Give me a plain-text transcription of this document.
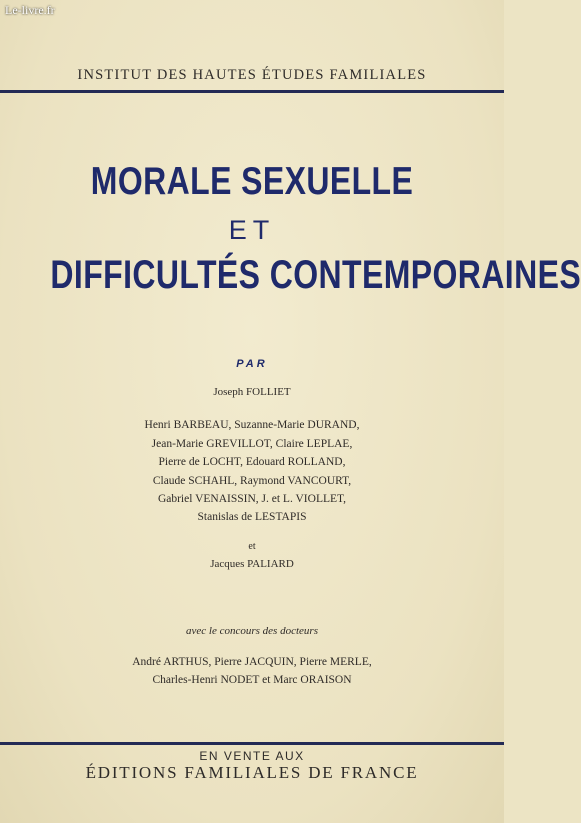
Le-livre.fr
INSTITUT DES HAUTES ÉTUDES FAMILIALES
MORALE SEXUELLE
ET
DIFFICULTÉS CONTEMPORAINES
PAR
Joseph FOLLIET
Henri BARBEAU, Suzanne-Marie DURAND,
Jean-Marie GREVILLOT, Claire LEPLAE,
Pierre de LOCHT, Edouard ROLLAND,
Claude SCHAHL, Raymond VANCOURT,
Gabriel VENAISSIN, J. et L. VIOLLET,
Stanislas de LESTAPIS
et
Jacques PALIARD
avec le concours des docteurs
André ARTHUS, Pierre JACQUIN, Pierre MERLE,
Charles-Henri NODET et Marc ORAISON
EN VENTE AUX
ÉDITIONS FAMILIALES DE FRANCE
